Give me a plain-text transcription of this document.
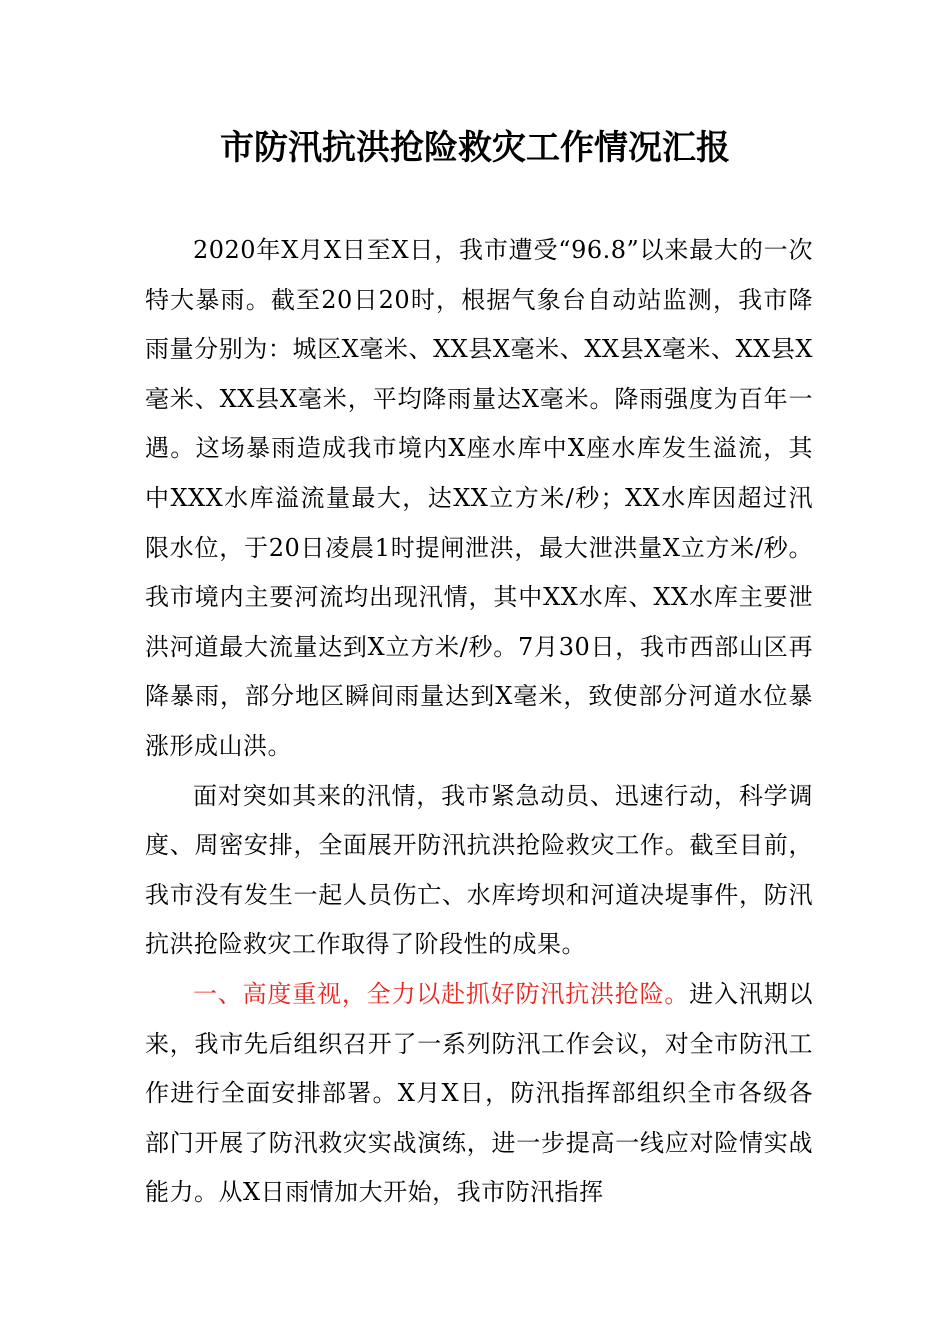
市防汛抗洪抢险救灾工作情况汇报

2020年X月X日至X日，我市遭受“96.8”以来最大的一次特大暴雨。截至20日20时，根据气象台自动站监测，我市降雨量分别为：城区X毫米、XX县X毫米、XX县X毫米、XX县X毫米、XX县X毫米，平均降雨量达X毫米。降雨强度为百年一遇。这场暴雨造成我市境内X座水库中X座水库发生溢流，其中XXX水库溢流量最大，达XX立方米/秒；XX水库因超过汛限水位，于20日凌晨1时提闸泄洪，最大泄洪量X立方米/秒。我市境内主要河流均出现汛情，其中XX水库、XX水库主要泄洪河道最大流量达到X立方米/秒。7月30日，我市西部山区再降暴雨，部分地区瞬间雨量达到X毫米，致使部分河道水位暴涨形成山洪。

面对突如其来的汛情，我市紧急动员、迅速行动，科学调度、周密安排，全面展开防汛抗洪抢险救灾工作。截至目前，我市没有发生一起人员伤亡、水库垮坝和河道决堤事件，防汛抗洪抢险救灾工作取得了阶段性的成果。

一、高度重视，全力以赴抓好防汛抗洪抢险。进入汛期以来，我市先后组织召开了一系列防汛工作会议，对全市防汛工作进行全面安排部署。X月X日，防汛指挥部组织全市各级各部门开展了防汛救灾实战演练，进一步提高一线应对险情实战能力。从X日雨情加大开始，我市防汛指挥
